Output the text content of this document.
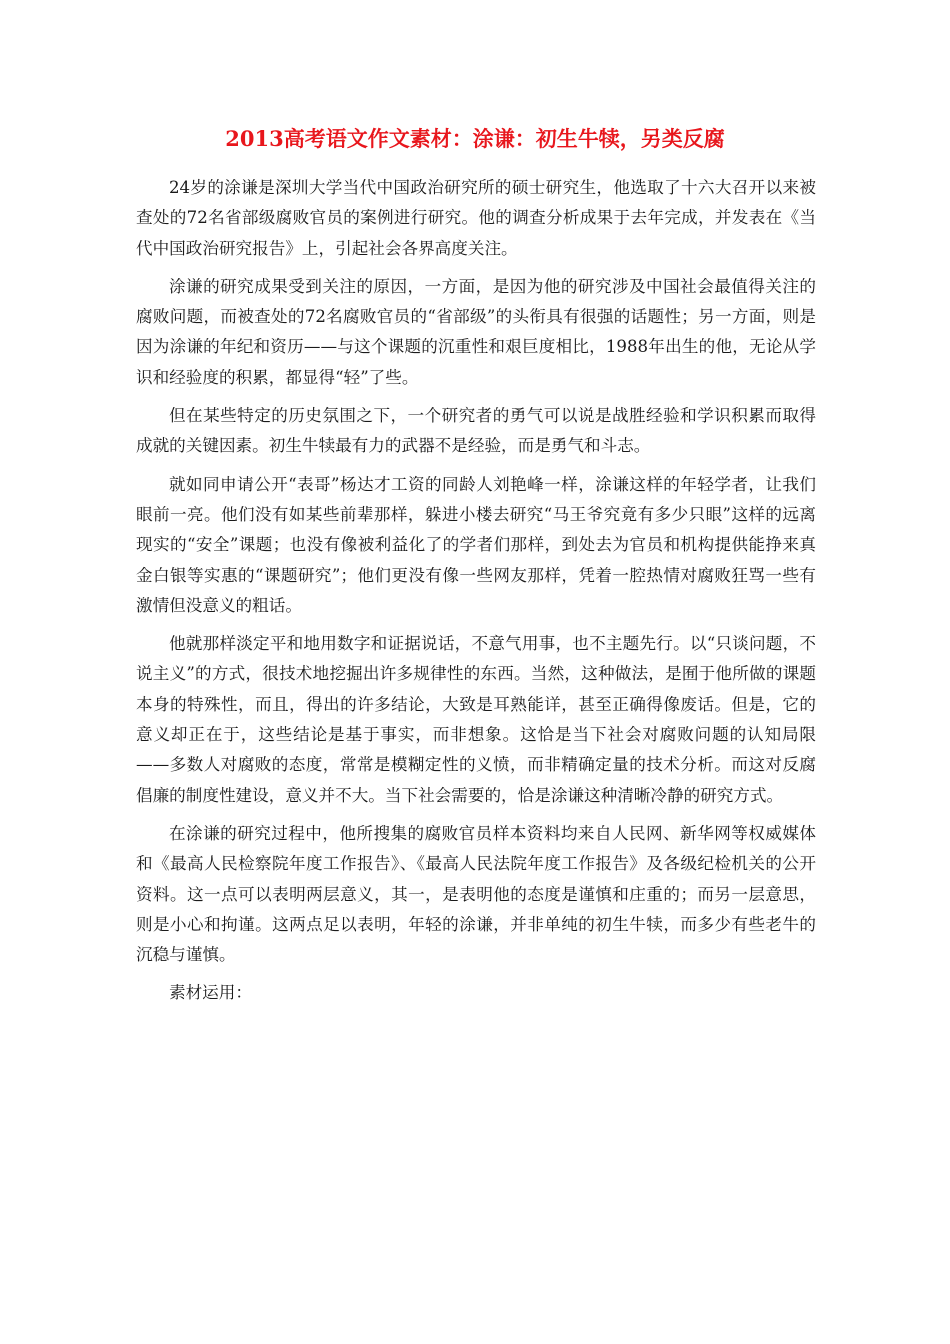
2013高考语文作文素材：涂谦：初生牛犊，另类反腐

24岁的涂谦是深圳大学当代中国政治研究所的硕士研究生，他选取了十六大召开以来被查处的72名省部级腐败官员的案例进行研究。他的调查分析成果于去年完成，并发表在《当代中国政治研究报告》上，引起社会各界高度关注。

涂谦的研究成果受到关注的原因，一方面，是因为他的研究涉及中国社会最值得关注的腐败问题，而被查处的72名腐败官员的“省部级”的头衔具有很强的话题性；另一方面，则是因为涂谦的年纪和资历——与这个课题的沉重性和艰巨度相比，1988年出生的他，无论从学识和经验度的积累，都显得“轻”了些。

但在某些特定的历史氛围之下，一个研究者的勇气可以说是战胜经验和学识积累而取得成就的关键因素。初生牛犊最有力的武器不是经验，而是勇气和斗志。

就如同申请公开“表哥”杨达才工资的同龄人刘艳峰一样，涂谦这样的年轻学者，让我们眼前一亮。他们没有如某些前辈那样，躲进小楼去研究“马王爷究竟有多少只眼”这样的远离现实的“安全”课题；也没有像被利益化了的学者们那样，到处去为官员和机构提供能挣来真金白银等实惠的“课题研究”；他们更没有像一些网友那样，凭着一腔热情对腐败狂骂一些有激情但没意义的粗话。

他就那样淡定平和地用数字和证据说话，不意气用事，也不主题先行。以“只谈问题，不说主义”的方式，很技术地挖掘出许多规律性的东西。当然，这种做法，是囿于他所做的课题本身的特殊性，而且，得出的许多结论，大致是耳熟能详，甚至正确得像废话。但是，它的意义却正在于，这些结论是基于事实，而非想象。这恰是当下社会对腐败问题的认知局限——多数人对腐败的态度，常常是模糊定性的义愤，而非精确定量的技术分析。而这对反腐倡廉的制度性建设，意义并不大。当下社会需要的，恰是涂谦这种清晰冷静的研究方式。

在涂谦的研究过程中，他所搜集的腐败官员样本资料均来自人民网、新华网等权威媒体和《最高人民检察院年度工作报告》、《最高人民法院年度工作报告》及各级纪检机关的公开资料。这一点可以表明两层意义，其一，是表明他的态度是谨慎和庄重的；而另一层意思，则是小心和拘谨。这两点足以表明，年轻的涂谦，并非单纯的初生牛犊，而多少有些老牛的沉稳与谨慎。

素材运用：
